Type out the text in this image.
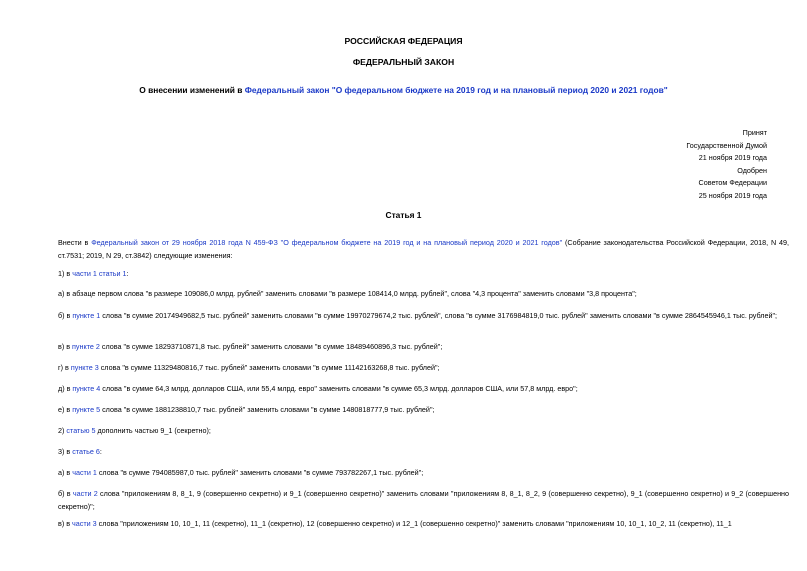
РОССИЙСКАЯ ФЕДЕРАЦИЯ
ФЕДЕРАЛЬНЫЙ ЗАКОН
О внесении изменений в Федеральный закон "О федеральном бюджете на 2019 год и на плановый период 2020 и 2021 годов"
Принят
Государственной Думой
21 ноября 2019 года
Одобрен
Советом Федерации
25 ноября 2019 года
Статья 1
Внести в Федеральный закон от 29 ноября 2018 года N 459-ФЗ "О федеральном бюджете на 2019 год и на плановый период 2020 и 2021 годов" (Собрание законодательства Российской Федерации, 2018, N 49, ст.7531; 2019, N 29, ст.3842) следующие изменения:
1) в части 1 статьи 1:
а) в абзаце первом слова "в размере 109086,0 млрд. рублей" заменить словами "в размере 108414,0 млрд. рублей", слова "4,3 процента" заменить словами "3,8 процента";
б) в пункте 1 слова "в сумме 20174949682,5 тыс. рублей" заменить словами "в сумме 19970279674,2 тыс. рублей", слова "в сумме 3176984819,0 тыс. рублей" заменить словами "в сумме 2864545946,1 тыс. рублей";
в) в пункте 2 слова "в сумме 18293710871,8 тыс. рублей" заменить словами "в сумме 18489460896,3 тыс. рублей";
г) в пункте 3 слова "в сумме 11329480816,7 тыс. рублей" заменить словами "в сумме 11142163268,8 тыс. рублей";
д) в пункте 4 слова "в сумме 64,3 млрд. долларов США, или 55,4 млрд. евро" заменить словами "в сумме 65,3 млрд. долларов США, или 57,8 млрд. евро";
е) в пункте 5 слова "в сумме 1881238810,7 тыс. рублей" заменить словами "в сумме 1480818777,9 тыс. рублей";
2) статью 5 дополнить частью 9_1 (секретно);
3) в статье 6:
а) в части 1 слова "в сумме 794085987,0 тыс. рублей" заменить словами "в сумме 793782267,1 тыс. рублей";
б) в части 2 слова "приложениям 8, 8_1, 9 (совершенно секретно) и 9_1 (совершенно секретно)" заменить словами "приложениям 8, 8_1, 8_2, 9 (совершенно секретно), 9_1 (совершенно секретно) и 9_2 (совершенно секретно)";
в) в части 3 слова "приложениям 10, 10_1, 11 (секретно), 11_1 (секретно), 12 (совершенно секретно) и 12_1 (совершенно секретно)" заменить словами "приложениям 10, 10_1, 10_2, 11 (секретно), 11_1
